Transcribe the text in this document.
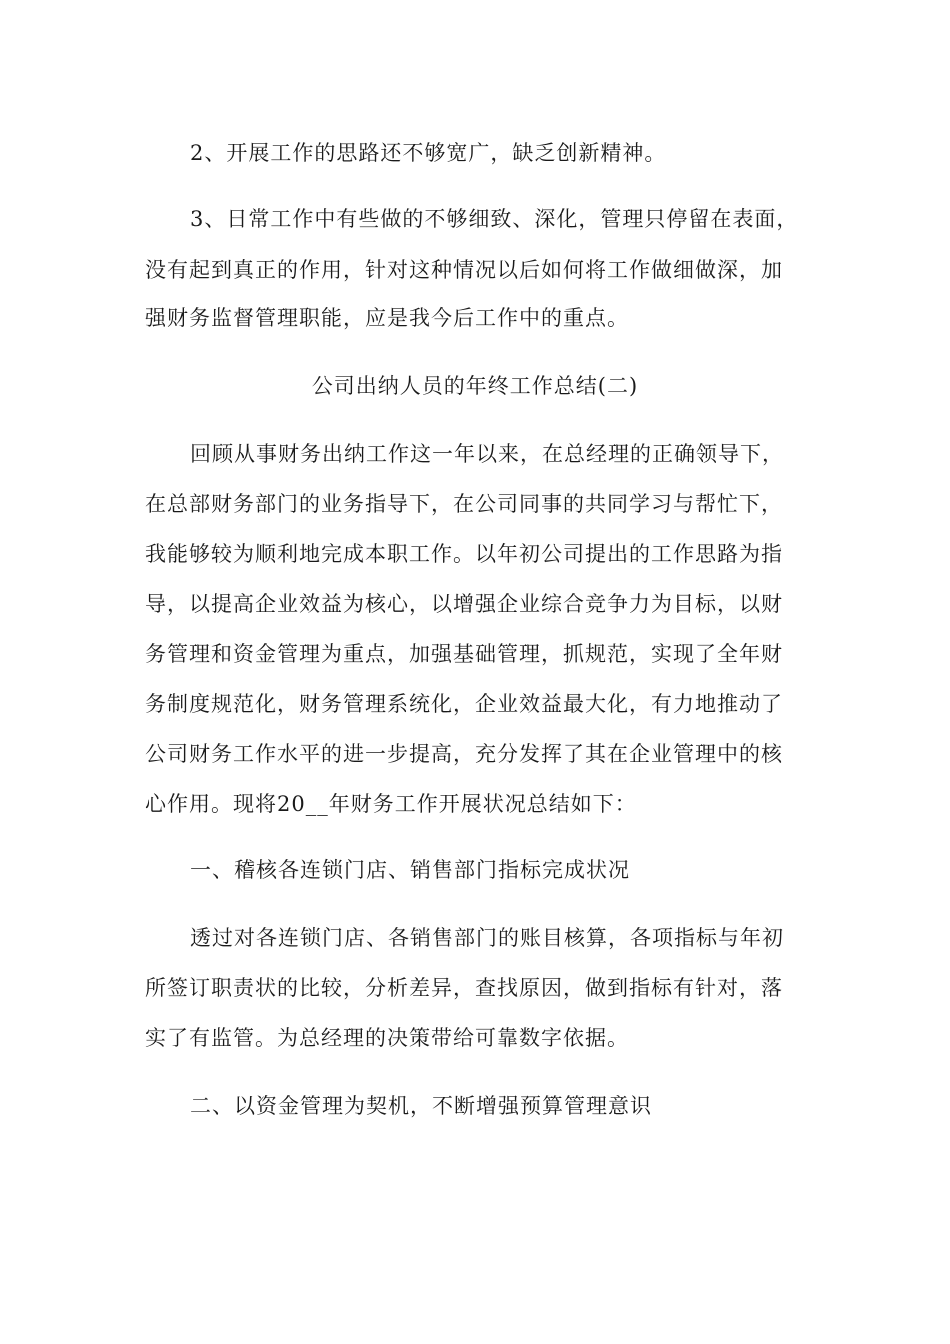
2、开展工作的思路还不够宽广，缺乏创新精神。
3、日常工作中有些做的不够细致、深化，管理只停留在表面，
没有起到真正的作用，针对这种情况以后如何将工作做细做深，加
强财务监督管理职能，应是我今后工作中的重点。
公司出纳人员的年终工作总结(二)
回顾从事财务出纳工作这一年以来，在总经理的正确领导下，
在总部财务部门的业务指导下，在公司同事的共同学习与帮忙下，
我能够较为顺利地完成本职工作。以年初公司提出的工作思路为指
导，以提高企业效益为核心，以增强企业综合竞争力为目标，以财
务管理和资金管理为重点，加强基础管理，抓规范，实现了全年财
务制度规范化，财务管理系统化，企业效益最大化，有力地推动了
公司财务工作水平的进一步提高，充分发挥了其在企业管理中的核
心作用。现将20__年财务工作开展状况总结如下：
一、稽核各连锁门店、销售部门指标完成状况
透过对各连锁门店、各销售部门的账目核算，各项指标与年初
所签订职责状的比较，分析差异，查找原因，做到指标有针对，落
实了有监管。为总经理的决策带给可靠数字依据。
二、以资金管理为契机，不断增强预算管理意识
